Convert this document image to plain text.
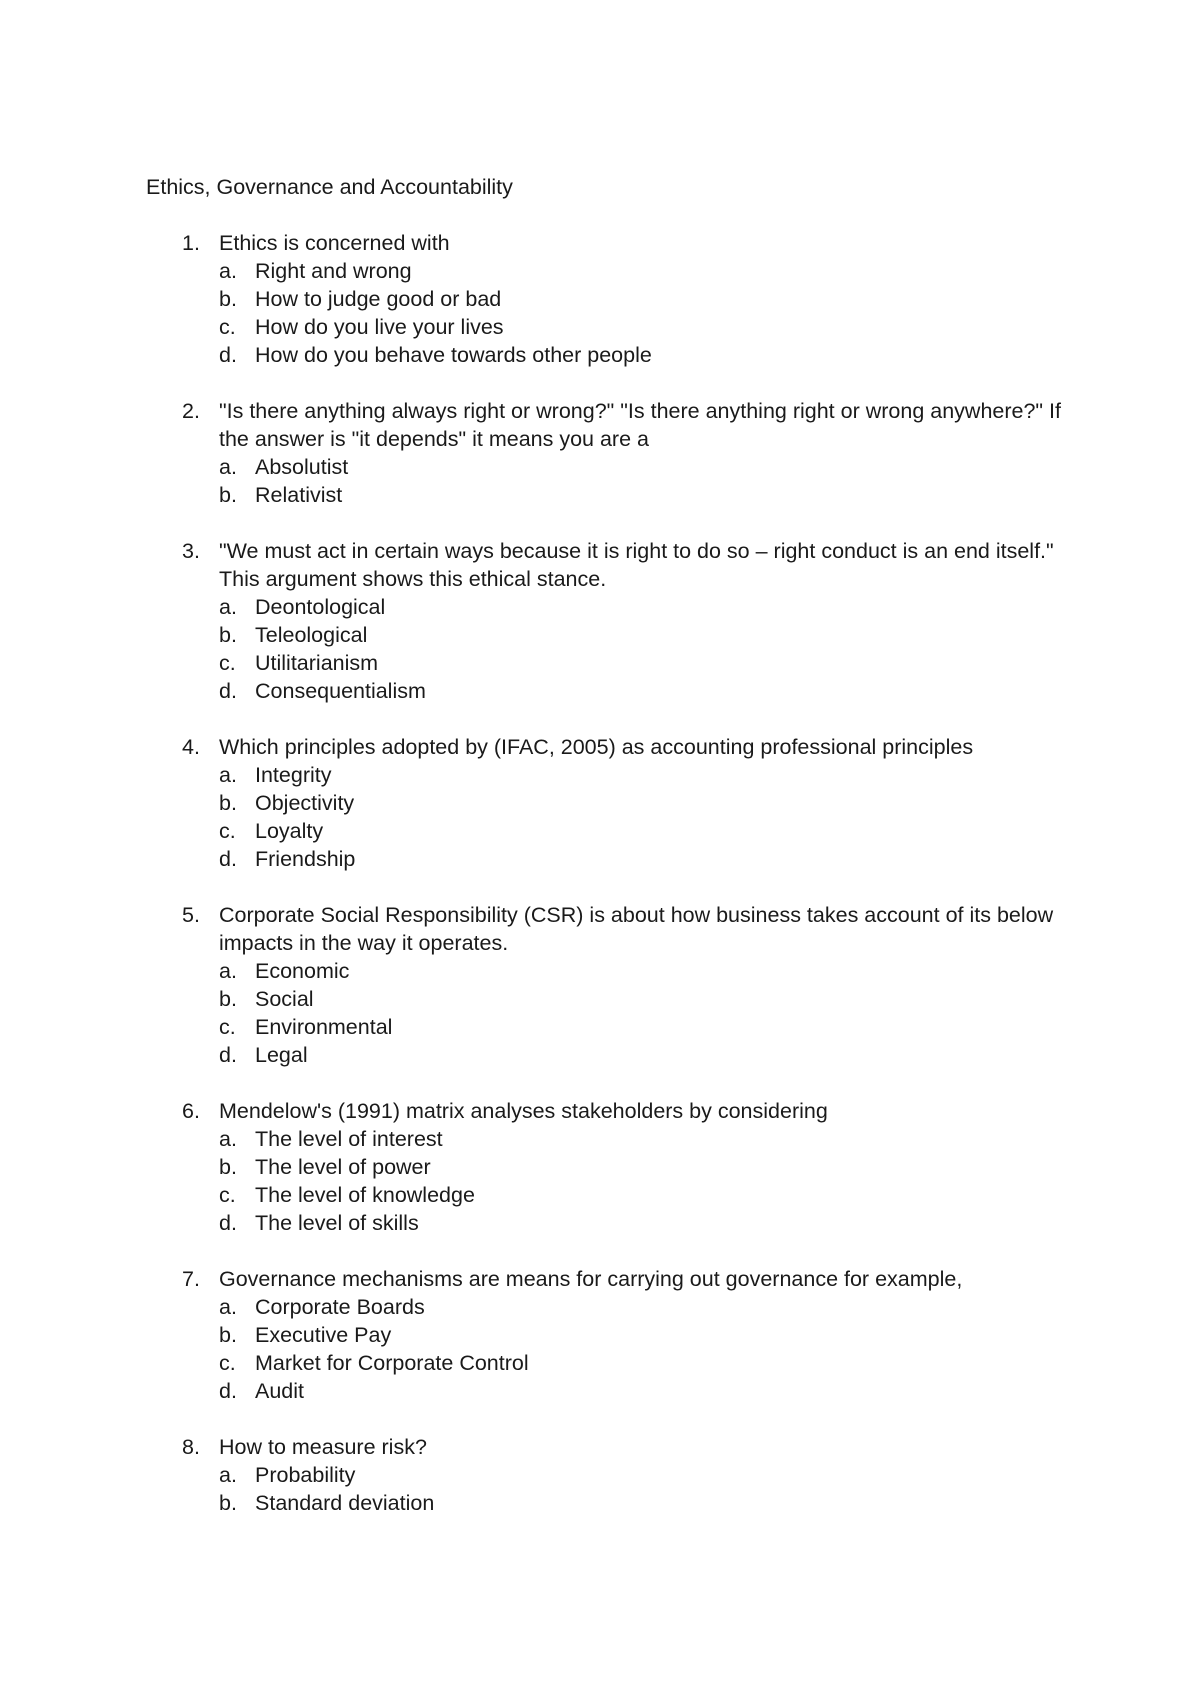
Ethics, Governance and Accountability
1. Ethics is concerned with
a. Right and wrong
b. How to judge good or bad
c. How do you live your lives
d. How do you behave towards other people
2. "Is there anything always right or wrong?" "Is there anything right or wrong anywhere?" If the answer is "it depends" it means you are a
a. Absolutist
b. Relativist
3. "We must act in certain ways because it is right to do so – right conduct is an end itself." This argument shows this ethical stance.
a. Deontological
b. Teleological
c. Utilitarianism
d. Consequentialism
4. Which principles adopted by (IFAC, 2005) as accounting professional principles
a. Integrity
b. Objectivity
c. Loyalty
d. Friendship
5. Corporate Social Responsibility (CSR) is about how business takes account of its below impacts in the way it operates.
a. Economic
b. Social
c. Environmental
d. Legal
6. Mendelow's (1991) matrix analyses stakeholders by considering
a. The level of interest
b. The level of power
c. The level of knowledge
d. The level of skills
7. Governance mechanisms are means for carrying out governance for example,
a. Corporate Boards
b. Executive Pay
c. Market for Corporate Control
d. Audit
8. How to measure risk?
a. Probability
b. Standard deviation
